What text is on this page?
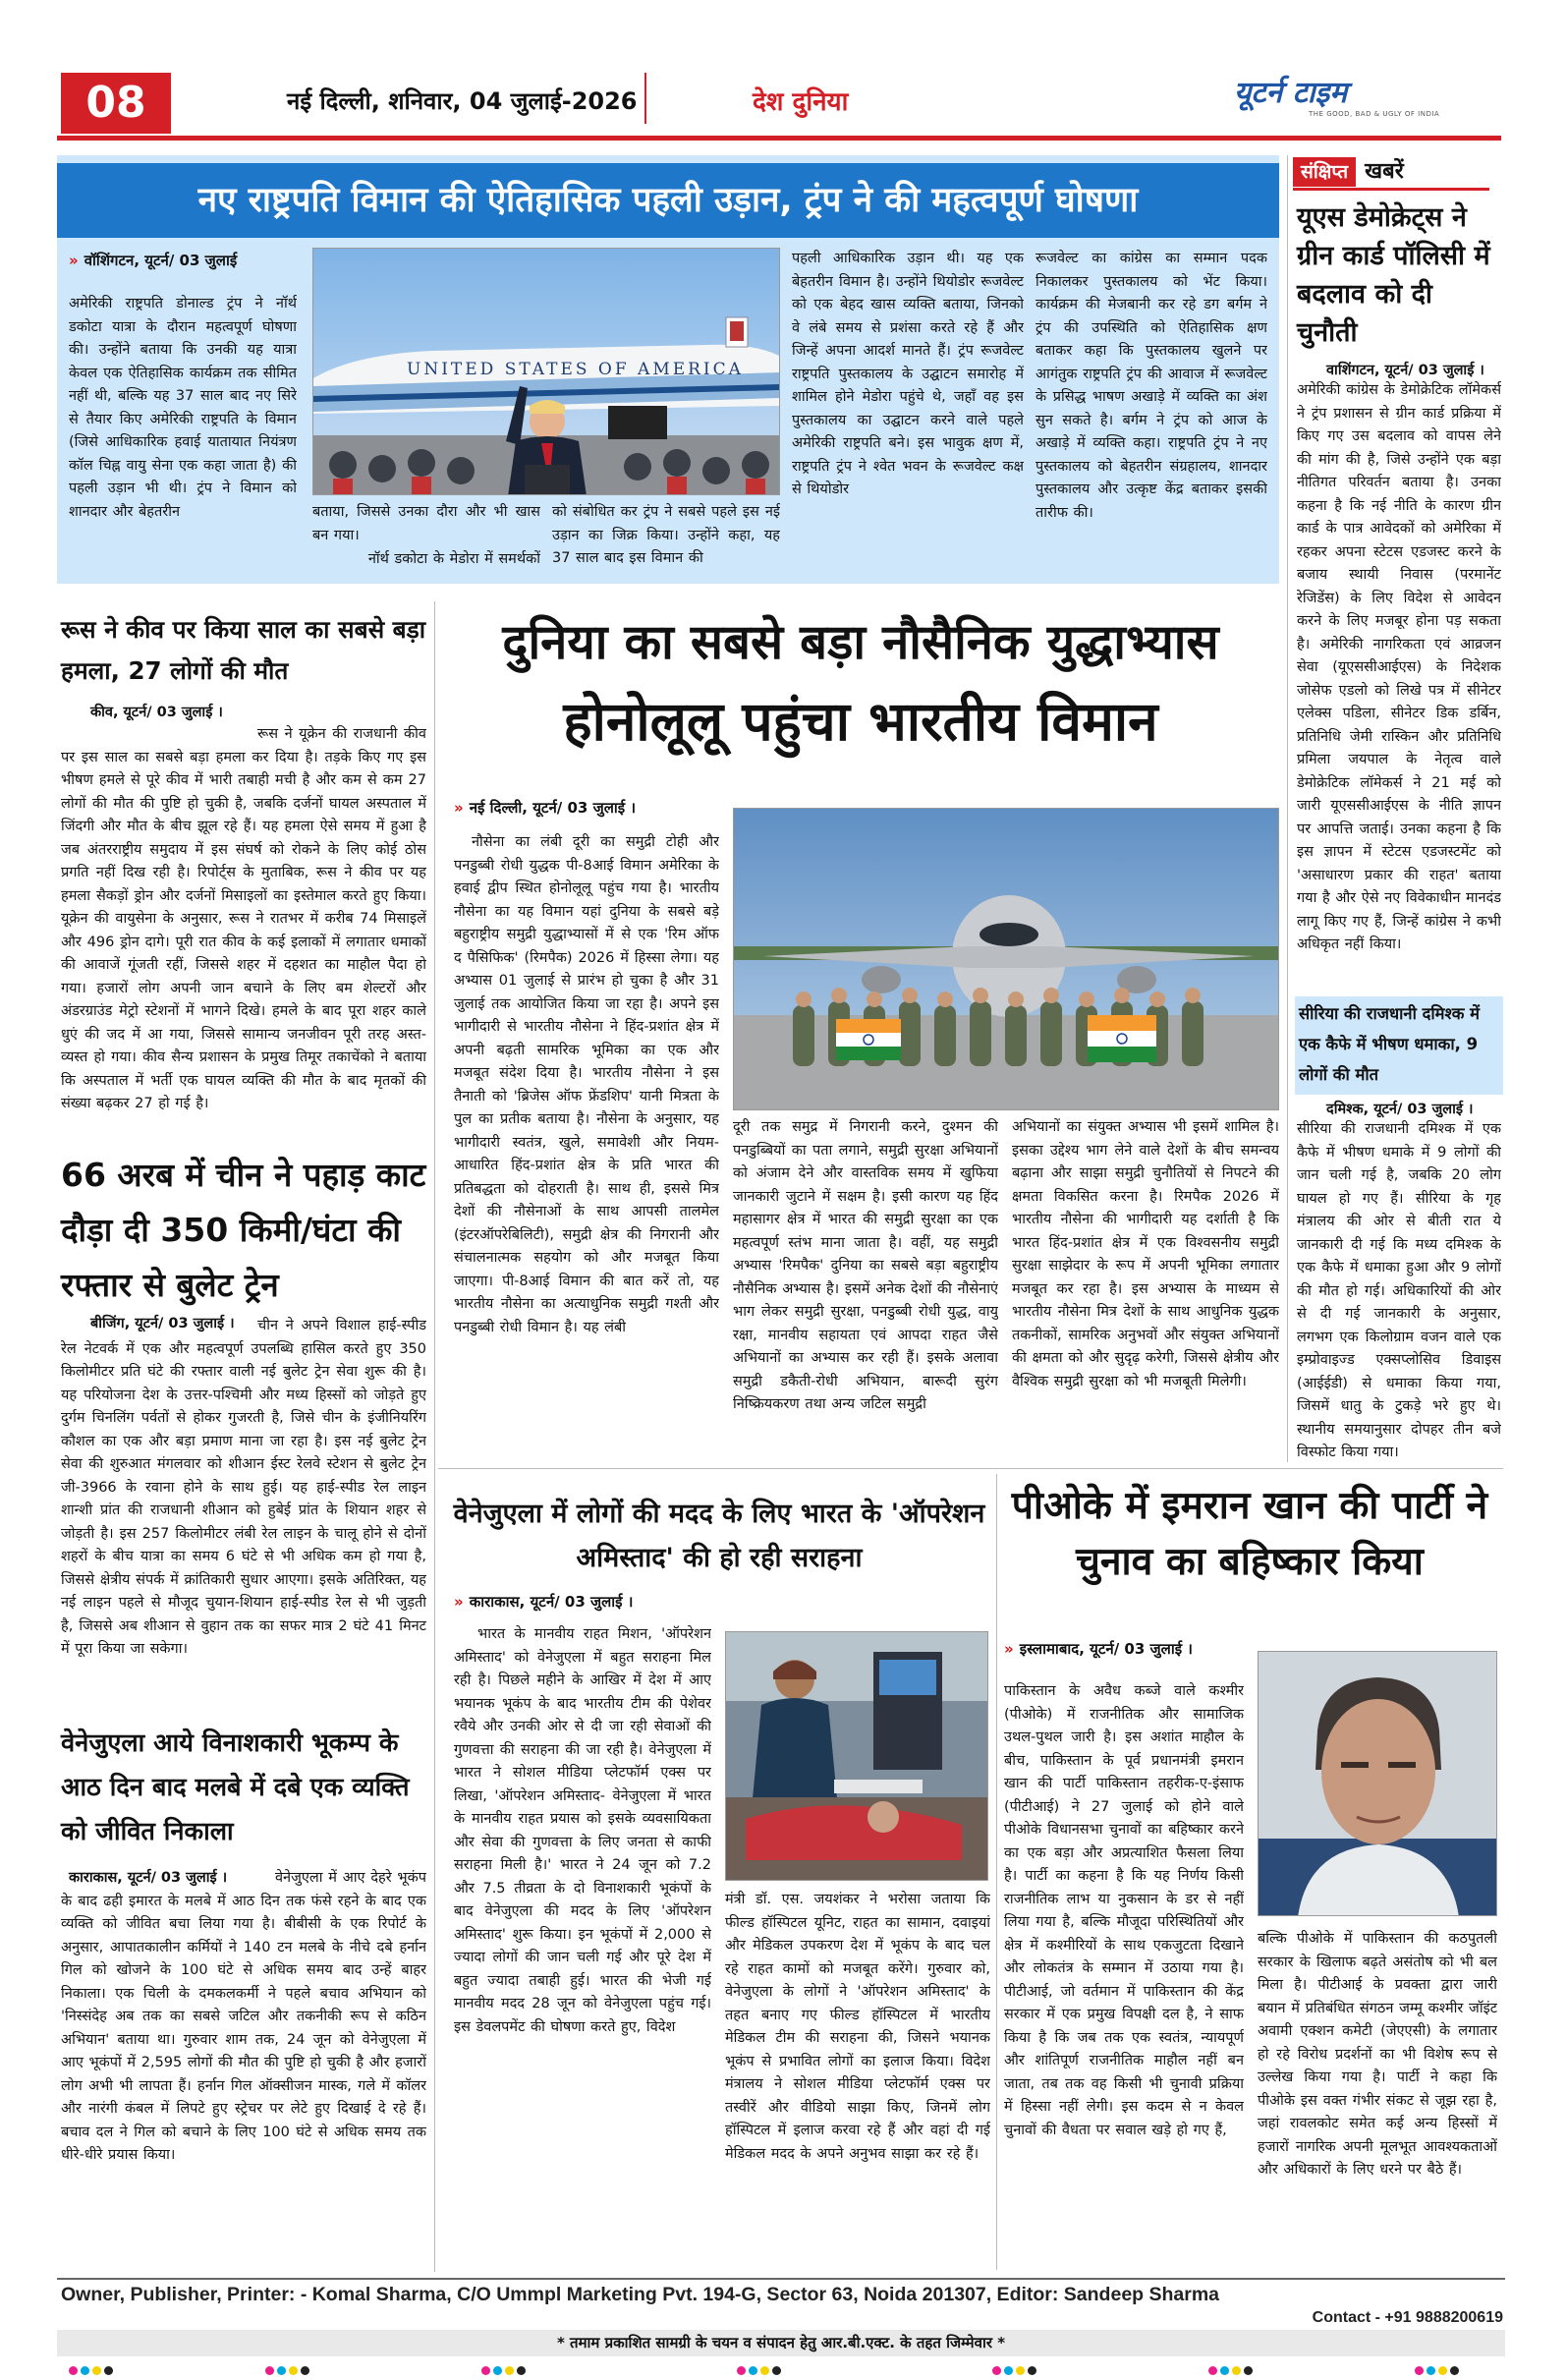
08	नई दिल्ली, शनिवार, 04 जुलाई-2026	देश दुनिया	यूटर्न टाइम
THE GOOD, BAD & UGLY OF INDIA
नए राष्ट्रपति विमान की ऐतिहासिक पहली उड़ान, ट्रंप ने की महत्वपूर्ण घोषणा
» वॉशिंगटन, यूटर्न/ 03 जुलाई
अमेरिकी राष्ट्रपति डोनाल्ड ट्रंप ने नॉर्थ डकोटा यात्रा के दौरान महत्वपूर्ण घोषणा की। उन्होंने बताया कि उनकी यह यात्रा केवल एक ऐतिहासिक कार्यक्रम तक सीमित नहीं थी, बल्कि यह 37 साल बाद नए सिरे से तैयार किए अमेरिकी राष्ट्रपति के विमान (जिसे आधिकारिक हवाई यातायात नियंत्रण कॉल चिह्न वायु सेना एक कहा जाता है) की पहली उड़ान भी थी। ट्रंप ने विमान को शानदार और बेहतरीन
UNITED STATES OF AMERICA
बताया, जिससे उनका दौरा और भी खास बन गया।
नॉर्थ डकोटा के मेडोरा में समर्थकों
को संबोधित कर ट्रंप ने सबसे पहले इस नई उड़ान का जिक्र किया। उन्होंने कहा, यह 37 साल बाद इस विमान की
पहली आधिकारिक उड़ान थी। यह एक बेहतरीन विमान है। उन्होंने थियोडोर रूजवेल्ट को एक बेहद खास व्यक्ति बताया, जिनको वे लंबे समय से प्रशंसा करते रहे हैं और जिन्हें अपना आदर्श मानते हैं। ट्रंप रूजवेल्ट राष्ट्रपति पुस्तकालय के उद्घाटन समारोह में शामिल होने मेडोरा पहुंचे थे, जहाँ वह इस पुस्तकालय का उद्घाटन करने वाले पहले अमेरिकी राष्ट्रपति बने। इस भावुक क्षण में, राष्ट्रपति ट्रंप ने श्वेत भवन के रूजवेल्ट कक्ष से थियोडोर
रूजवेल्ट का कांग्रेस का सम्मान पदक निकालकर पुस्तकालय को भेंट किया। कार्यक्रम की मेजबानी कर रहे डग बर्गम ने ट्रंप की उपस्थिति को ऐतिहासिक क्षण बताकर कहा कि पुस्तकालय खुलने पर आगंतुक राष्ट्रपति ट्रंप की आवाज में रूजवेल्ट के प्रसिद्ध भाषण अखाड़े में व्यक्ति का अंश सुन सकते है। बर्गम ने ट्रंप को आज के अखाड़े में व्यक्ति कहा। राष्ट्रपति ट्रंप ने नए पुस्तकालय को बेहतरीन संग्रहालय, शानदार पुस्तकालय और उत्कृष्ट केंद्र बताकर इसकी तारीफ की।
संक्षिप्त खबरें
यूएस डेमोक्रेट्स ने ग्रीन कार्ड पॉलिसी में बदलाव को दी चुनौती
वाशिंगटन, यूटर्न/ 03 जुलाई ।
अमेरिकी कांग्रेस के डेमोक्रेटिक लॉमेकर्स ने ट्रंप प्रशासन से ग्रीन कार्ड प्रक्रिया में किए गए उस बदलाव को वापस लेने की मांग की है, जिसे उन्होंने एक बड़ा नीतिगत परिवर्तन बताया है। उनका कहना है कि नई नीति के कारण ग्रीन कार्ड के पात्र आवेदकों को अमेरिका में रहकर अपना स्टेटस एडजस्ट करने के बजाय स्थायी निवास (परमानेंट रेजिडेंस) के लिए विदेश से आवेदन करने के लिए मजबूर होना पड़ सकता है। अमेरिकी नागरिकता एवं आव्रजन सेवा (यूएससीआईएस) के निदेशक जोसेफ एडलो को लिखे पत्र में सीनेटर एलेक्स पडिला, सीनेटर डिक डर्बिन, प्रतिनिधि जेमी रास्किन और प्रतिनिधि प्रमिला जयपाल के नेतृत्व वाले डेमोक्रेटिक लॉमेकर्स ने 21 मई को जारी यूएससीआईएस के नीति ज्ञापन पर आपत्ति जताई। उनका कहना है कि इस ज्ञापन में स्टेटस एडजस्टमेंट को 'असाधारण प्रकार की राहत' बताया गया है और ऐसे नए विवेकाधीन मानदंड लागू किए गए हैं, जिन्हें कांग्रेस ने कभी अधिकृत नहीं किया।
सीरिया की राजधानी दमिश्क में एक कैफे में भीषण धमाका, 9 लोगों की मौत
दमिश्क, यूटर्न/ 03 जुलाई ।
सीरिया की राजधानी दमिश्क में एक कैफे में भीषण धमाके में 9 लोगों की जान चली गई है, जबकि 20 लोग घायल हो गए हैं। सीरिया के गृह मंत्रालय की ओर से बीती रात ये जानकारी दी गई कि मध्य दमिश्क के एक कैफे में धमाका हुआ और 9 लोगों की मौत हो गई। अधिकारियों की ओर से दी गई जानकारी के अनुसार, लगभग एक किलोग्राम वजन वाले एक इम्प्रोवाइज्ड एक्सप्लोसिव डिवाइस (आईईडी) से धमाका किया गया, जिसमें धातु के टुकड़े भरे हुए थे। स्थानीय समयानुसार दोपहर तीन बजे विस्फोट किया गया।
रूस ने कीव पर किया साल का सबसे बड़ा हमला, 27 लोगों की मौत
कीव, यूटर्न/ 03 जुलाई ।
रूस ने यूक्रेन की राजधानी कीव पर इस साल का सबसे बड़ा हमला कर दिया है। तड़के किए गए इस भीषण हमले से पूरे कीव में भारी तबाही मची है और कम से कम 27 लोगों की मौत की पुष्टि हो चुकी है, जबकि दर्जनों घायल अस्पताल में जिंदगी और मौत के बीच झूल रहे हैं। यह हमला ऐसे समय में हुआ है जब अंतरराष्ट्रीय समुदाय में इस संघर्ष को रोकने के लिए कोई ठोस प्रगति नहीं दिख रही है। रिपोर्ट्स के मुताबिक, रूस ने कीव पर यह हमला सैकड़ों ड्रोन और दर्जनों मिसाइलों का इस्तेमाल करते हुए किया। यूक्रेन की वायुसेना के अनुसार, रूस ने रातभर में करीब 74 मिसाइलें और 496 ड्रोन दागे। पूरी रात कीव के कई इलाकों में लगातार धमाकों की आवाजें गूंजती रहीं, जिससे शहर में दहशत का माहौल पैदा हो गया। हजारों लोग अपनी जान बचाने के लिए बम शेल्टरों और अंडरग्राउंड मेट्रो स्टेशनों में भागने दिखे। हमले के बाद पूरा शहर काले धुएं की जद में आ गया, जिससे सामान्य जनजीवन पूरी तरह अस्त-व्यस्त हो गया। कीव सैन्य प्रशासन के प्रमुख तिमूर तकाचेंको ने बताया कि अस्पताल में भर्ती एक घायल व्यक्ति की मौत के बाद मृतकों की संख्या बढ़कर 27 हो गई है।
66 अरब में चीन ने पहाड़ काट दौड़ा दी 350 किमी/घंटा की रफ्तार से बुलेट ट्रेन
बीजिंग, यूटर्न/ 03 जुलाई ।	चीन ने अपने विशाल हाई-स्पीड रेल नेटवर्क में एक और महत्वपूर्ण उपलब्धि हासिल करते हुए 350 किलोमीटर प्रति घंटे की रफ्तार वाली नई बुलेट ट्रेन सेवा शुरू की है। यह परियोजना देश के उत्तर-पश्चिमी और मध्य हिस्सों को जोड़ते हुए दुर्गम चिनलिंग पर्वतों से होकर गुजरती है, जिसे चीन के इंजीनियरिंग कौशल का एक और बड़ा प्रमाण माना जा रहा है। इस नई बुलेट ट्रेन सेवा की शुरुआत मंगलवार को शीआन ईस्ट रेलवे स्टेशन से बुलेट ट्रेन जी-3966 के रवाना होने के साथ हुई। यह हाई-स्पीड रेल लाइन शान्शी प्रांत की राजधानी शीआन को हुबेई प्रांत के शियान शहर से जोड़ती है। इस 257 किलोमीटर लंबी रेल लाइन के चालू होने से दोनों शहरों के बीच यात्रा का समय 6 घंटे से भी अधिक कम हो गया है, जिससे क्षेत्रीय संपर्क में क्रांतिकारी सुधार आएगा। इसके अतिरिक्त, यह नई लाइन पहले से मौजूद चुयान-शियान हाई-स्पीड रेल से भी जुड़ती है, जिससे अब शीआन से वुहान तक का सफर मात्र 2 घंटे 41 मिनट में पूरा किया जा सकेगा।
वेनेजुएला आये विनाशकारी भूकम्प के आठ दिन बाद मलबे में दबे एक व्यक्ति को जीवित निकाला
काराकास, यूटर्न/ 03 जुलाई ।	वेनेजुएला में आए देहरे भूकंप के बाद ढही इमारत के मलबे में आठ दिन तक फंसे रहने के बाद एक व्यक्ति को जीवित बचा लिया गया है। बीबीसी के एक रिपोर्ट के अनुसार, आपातकालीन कर्मियों ने 140 टन मलबे के नीचे दबे हर्नान गिल को खोजने के 100 घंटे से अधिक समय बाद उन्हें बाहर निकाला। एक चिली के दमकलकर्मी ने पहले बचाव अभियान को 'निस्संदेह अब तक का सबसे जटिल और तकनीकी रूप से कठिन अभियान' बताया था। गुरुवार शाम तक, 24 जून को वेनेजुएला में आए भूकंपों में 2,595 लोगों की मौत की पुष्टि हो चुकी है और हजारों लोग अभी भी लापता हैं। हर्नान गिल ऑक्सीजन मास्क, गले में कॉलर और नारंगी कंबल में लिपटे हुए स्ट्रेचर पर लेटे हुए दिखाई दे रहे हैं। बचाव दल ने गिल को बचाने के लिए 100 घंटे से अधिक समय तक धीरे-धीरे प्रयास किया।
दुनिया का सबसे बड़ा नौसैनिक युद्धाभ्यास
होनोलूलू पहुंचा भारतीय विमान
» नई दिल्ली, यूटर्न/ 03 जुलाई ।
नौसेना का लंबी दूरी का समुद्री टोही और पनडुब्बी रोधी युद्धक पी-8आई विमान अमेरिका के हवाई द्वीप स्थित होनोलूलू पहुंच गया है। भारतीय नौसेना का यह विमान यहां दुनिया के सबसे बड़े बहुराष्ट्रीय समुद्री युद्धाभ्यासों में से एक 'रिम ऑफ द पैसिफिक' (रिमपैक) 2026 में हिस्सा लेगा। यह अभ्यास 01 जुलाई से प्रारंभ हो चुका है और 31 जुलाई तक आयोजित किया जा रहा है। अपने इस भागीदारी से भारतीय नौसेना ने हिंद-प्रशांत क्षेत्र में अपनी बढ़ती सामरिक भूमिका का एक और मजबूत संदेश दिया है। भारतीय नौसेना ने इस तैनाती को 'ब्रिजेस ऑफ फ्रेंडशिप' यानी मित्रता के पुल का प्रतीक बताया है। नौसेना के अनुसार, यह भागीदारी स्वतंत्र, खुले, समावेशी और नियम-आधारित हिंद-प्रशांत क्षेत्र के प्रति भारत की प्रतिबद्धता को दोहराती है। साथ ही, इससे मित्र देशों की नौसेनाओं के साथ आपसी तालमेल (इंटरऑपरेबिलिटी), समुद्री क्षेत्र की निगरानी और संचालनात्मक सहयोग को और मजबूत किया जाएगा। पी-8आई विमान की बात करें तो, यह भारतीय नौसेना का अत्याधुनिक समुद्री गश्ती और पनडुब्बी रोधी विमान है। यह लंबी
दूरी तक समुद्र में निगरानी करने, दुश्मन की पनडुब्बियों का पता लगाने, समुद्री सुरक्षा अभियानों को अंजाम देने और वास्तविक समय में खुफिया जानकारी जुटाने में सक्षम है। इसी कारण यह हिंद महासागर क्षेत्र में भारत की समुद्री सुरक्षा का एक महत्वपूर्ण स्तंभ माना जाता है। वहीं, यह समुद्री अभ्यास 'रिमपैक' दुनिया का सबसे बड़ा बहुराष्ट्रीय नौसैनिक अभ्यास है। इसमें अनेक देशों की नौसेनाएं भाग लेकर समुद्री सुरक्षा, पनडुब्बी रोधी युद्ध, वायु रक्षा, मानवीय सहायता एवं आपदा राहत जैसे अभियानों का अभ्यास कर रही हैं। इसके अलावा समुद्री डकैती-रोधी अभियान, बारूदी सुरंग निष्क्रियकरण तथा अन्य जटिल समुद्री
अभियानों का संयुक्त अभ्यास भी इसमें शामिल है। इसका उद्देश्य भाग लेने वाले देशों के बीच समन्वय बढ़ाना और साझा समुद्री चुनौतियों से निपटने की क्षमता विकसित करना है। रिमपैक 2026 में भारतीय नौसेना की भागीदारी यह दर्शाती है कि भारत हिंद-प्रशांत क्षेत्र में एक विश्वसनीय समुद्री सुरक्षा साझेदार के रूप में अपनी भूमिका लगातार मजबूत कर रहा है। इस अभ्यास के माध्यम से भारतीय नौसेना मित्र देशों के साथ आधुनिक युद्धक तकनीकों, सामरिक अनुभवों और संयुक्त अभियानों की क्षमता को और सुदृढ़ करेगी, जिससे क्षेत्रीय और वैश्विक समुद्री सुरक्षा को भी मजबूती मिलेगी।
वेनेजुएला में लोगों की मदद के लिए भारत के 'ऑपरेशन अमिस्ताद' की हो रही सराहना
» काराकास, यूटर्न/ 03 जुलाई ।
भारत के मानवीय राहत मिशन, 'ऑपरेशन अमिस्ताद' को वेनेजुएला में बहुत सराहना मिल रही है। पिछले महीने के आखिर में देश में आए भयानक भूकंप के बाद भारतीय टीम की पेशेवर रवैये और उनकी ओर से दी जा रही सेवाओं की गुणवत्ता की सराहना की जा रही है। वेनेजुएला में भारत ने सोशल मीडिया प्लेटफॉर्म एक्स पर लिखा, 'ऑपरेशन अमिस्ताद- वेनेजुएला में भारत के मानवीय राहत प्रयास को इसके व्यवसायिकता और सेवा की गुणवत्ता के लिए जनता से काफी सराहना मिली है।' भारत ने 24 जून को 7.2 और 7.5 तीव्रता के दो विनाशकारी भूकंपों के बाद वेनेजुएला की मदद के लिए 'ऑपरेशन अमिस्ताद' शुरू किया। इन भूकंपों में 2,000 से ज्यादा लोगों की जान चली गई और पूरे देश में बहुत ज्यादा तबाही हुई। भारत की भेजी गई मानवीय मदद 28 जून को वेनेजुएला पहुंच गई। इस डेवलपमेंट की घोषणा करते हुए, विदेश
मंत्री डॉ. एस. जयशंकर ने भरोसा जताया कि फील्ड हॉस्पिटल यूनिट, राहत का सामान, दवाइयां और मेडिकल उपकरण देश में भूकंप के बाद चल रहे राहत कामों को मजबूत करेंगे। गुरुवार को, वेनेजुएला के लोगों ने 'ऑपरेशन अमिस्ताद' के तहत बनाए गए फील्ड हॉस्पिटल में भारतीय मेडिकल टीम की सराहना की, जिसने भयानक भूकंप से प्रभावित लोगों का इलाज किया। विदेश मंत्रालय ने सोशल मीडिया प्लेटफॉर्म एक्स पर तस्वीरें और वीडियो साझा किए, जिनमें लोग हॉस्पिटल में इलाज करवा रहे हैं और वहां दी गई मेडिकल मदद के अपने अनुभव साझा कर रहे हैं।
पीओके में इमरान खान की पार्टी ने चुनाव का बहिष्कार किया
» इस्लामाबाद, यूटर्न/ 03 जुलाई ।
पाकिस्तान के अवैध कब्जे वाले कश्मीर (पीओके) में राजनीतिक और सामाजिक उथल-पुथल जारी है। इस अशांत माहौल के बीच, पाकिस्तान के पूर्व प्रधानमंत्री इमरान खान की पार्टी पाकिस्तान तहरीक-ए-इंसाफ (पीटीआई) ने 27 जुलाई को होने वाले पीओके विधानसभा चुनावों का बहिष्कार करने का एक बड़ा और अप्रत्याशित फैसला लिया है। पार्टी का कहना है कि यह निर्णय किसी राजनीतिक लाभ या नुकसान के डर से नहीं लिया गया है, बल्कि मौजूदा परिस्थितियों और क्षेत्र में कश्मीरियों के साथ एकजुटता दिखाने और लोकतंत्र के सम्मान में उठाया गया है। पीटीआई, जो वर्तमान में पाकिस्तान की केंद्र सरकार में एक प्रमुख विपक्षी दल है, ने साफ किया है कि जब तक एक स्वतंत्र, न्यायपूर्ण और शांतिपूर्ण राजनीतिक माहौल नहीं बन जाता, तब तक वह किसी भी चुनावी प्रक्रिया में हिस्सा नहीं लेगी। इस कदम से न केवल चुनावों की वैधता पर सवाल खड़े हो गए हैं,
बल्कि पीओके में पाकिस्तान की कठपुतली सरकार के खिलाफ बढ़ते असंतोष को भी बल मिला है। पीटीआई के प्रवक्ता द्वारा जारी बयान में प्रतिबंधित संगठन जम्मू कश्मीर जॉइंट अवामी एक्शन कमेटी (जेएएसी) के लगातार हो रहे विरोध प्रदर्शनों का भी विशेष रूप से उल्लेख किया गया है। पार्टी ने कहा कि पीओके इस वक्त गंभीर संकट से जूझ रहा है, जहां रावलकोट समेत कई अन्य हिस्सों में हजारों नागरिक अपनी मूलभूत आवश्यकताओं और अधिकारों के लिए धरने पर बैठे हैं।
Owner, Publisher, Printer: - Komal Sharma, C/O Ummpl Marketing Pvt. 194-G, Sector 63, Noida 201307, Editor: Sandeep Sharma
Contact - +91 9888200619
* तमाम प्रकाशित सामग्री के चयन व संपादन हेतु आर.बी.एक्ट. के तहत जिम्मेवार *
